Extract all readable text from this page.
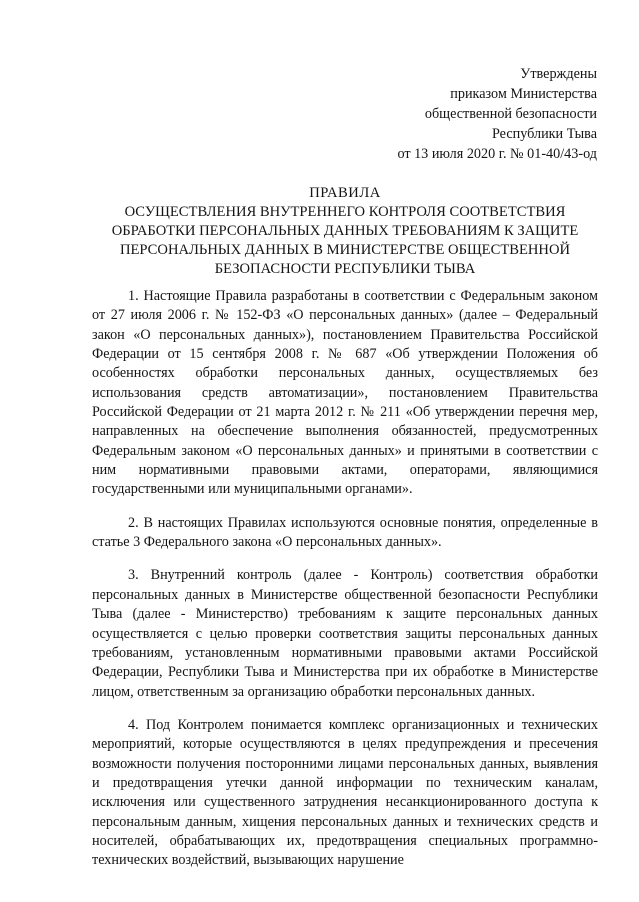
Утверждены
приказом Министерства
общественной безопасности
Республики Тыва
от 13 июля 2020 г. № 01-40/43-од
ПРАВИЛА
ОСУЩЕСТВЛЕНИЯ ВНУТРЕННЕГО КОНТРОЛЯ СООТВЕТСТВИЯ
ОБРАБОТКИ ПЕРСОНАЛЬНЫХ ДАННЫХ ТРЕБОВАНИЯМ К ЗАЩИТЕ
ПЕРСОНАЛЬНЫХ ДАННЫХ В МИНИСТЕРСТВЕ ОБЩЕСТВЕННОЙ
БЕЗОПАСНОСТИ РЕСПУБЛИКИ ТЫВА

1. Настоящие Правила разработаны в соответствии с Федеральным законом от 27 июля 2006 г. № 152-ФЗ «О персональных данных» (далее – Федеральный закон «О персональных данных»), постановлением Правительства Российской Федерации от 15 сентября 2008 г. № 687 «Об утверждении Положения об особенностях обработки персональных данных, осуществляемых без использования средств автоматизации», постановлением Правительства Российской Федерации от 21 марта 2012 г. № 211 «Об утверждении перечня мер, направленных на обеспечение выполнения обязанностей, предусмотренных Федеральным законом «О персональных данных» и принятыми в соответствии с ним нормативными правовыми актами, операторами, являющимися государственными или муниципальными органами».

2. В настоящих Правилах используются основные понятия, определенные в статье 3 Федерального закона «О персональных данных».

3. Внутренний контроль (далее - Контроль) соответствия обработки персональных данных в Министерстве общественной безопасности Республики Тыва (далее - Министерство) требованиям к защите персональных данных осуществляется с целью проверки соответствия защиты персональных данных требованиям, установленным нормативными правовыми актами Российской Федерации, Республики Тыва и Министерства при их обработке в Министерстве лицом, ответственным за организацию обработки персональных данных.

4. Под Контролем понимается комплекс организационных и технических мероприятий, которые осуществляются в целях предупреждения и пресечения возможности получения посторонними лицами персональных данных, выявления и предотвращения утечки данной информации по техническим каналам, исключения или существенного затруднения несанкционированного доступа к персональным данным, хищения персональных данных и технических средств и носителей, обрабатывающих их, предотвращения специальных программно-технических воздействий, вызывающих нарушение
